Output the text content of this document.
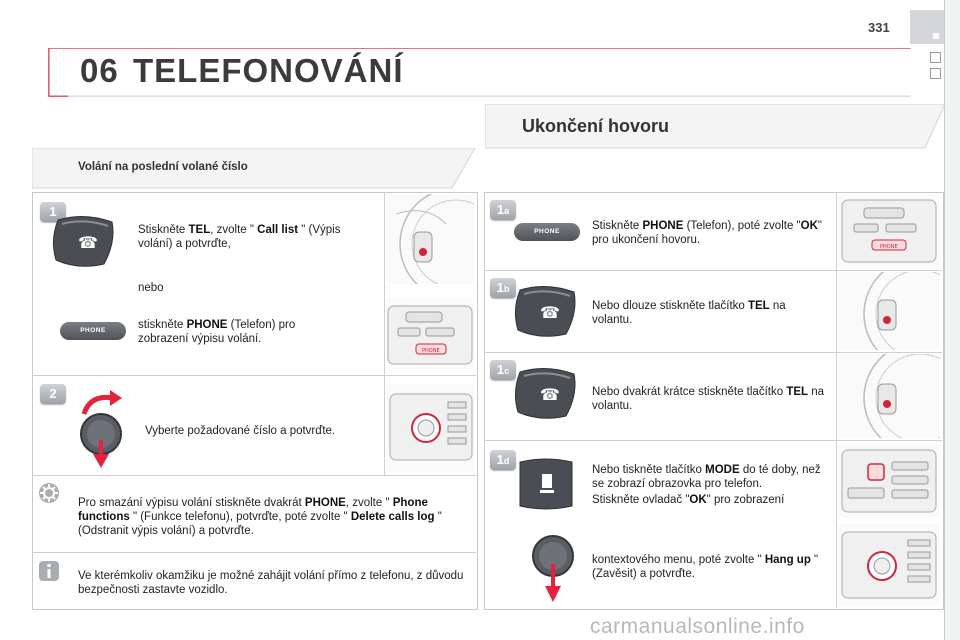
331
06 TELEFONOVÁNÍ
Ukončení hovoru
Volání na poslední volané číslo
1
☎
Stiskněte TEL, zvolte " Call list " (Výpis volání) a potvrďte,
nebo
PHONE	stiskněte PHONE (Telefon) pro zobrazení výpisu volání.
PHONE
2
Vyberte požadované číslo a potvrďte.
Pro smazání výpisu volání stiskněte dvakrát PHONE, zvolte " Phone functions " (Funkce telefonu), potvrďte, poté zvolte " Delete calls log " (Odstranit výpis volání) a potvrďte.
Ve kterémkoliv okamžiku je možné zahájit volání přímo z telefonu, z důvodu bezpečnosti zastavte vozidlo.
1a
PHONE	Stiskněte PHONE (Telefon), poté zvolte "OK" pro ukončení hovoru.
PHONE
1b
☎	Nebo dlouze stiskněte tlačítko TEL na volantu.
1c
☎	Nebo dvakrát krátce stiskněte tlačítko TEL na volantu.
1d
Nebo tiskněte tlačítko MODE do té doby, než se zobrazí obrazovka pro telefon.
Stiskněte ovladač "OK" pro zobrazení
kontextového menu, poté zvolte " Hang up " (Zavěsit) a potvrďte.
carmanualsonline.info
